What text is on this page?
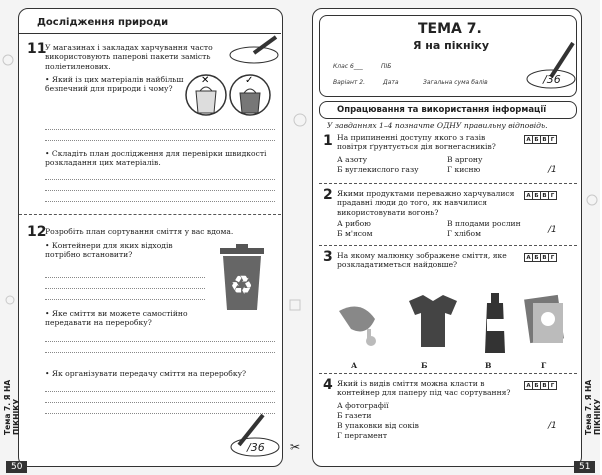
Дослідження природи
11
У магазинах і закладах харчування часто використовують паперові пакети замість поліетиленових.
• Який із цих матеріалів найбільш безпечний для природи і чому?
✕	✓
• Складіть план дослідження для перевірки швидкості розкладання цих матеріалів.
12
Розробіть план сортування сміття у вас вдома.
• Контейнери для яких відходів потрібно встановити?
♻
• Яке сміття ви можете самостійно передавати на переробку?
• Як організувати передачу сміття на переробку?
/36
Тема 7. Я НА ПІКНІКУ
50
✂
ТЕМА 7.
Я на пікніку
Клас 6___	ПІБ
Варіант 2.	Дата	Загальна сума балів	/36
Опрацювання та використання інформації
У завданнях 1–4 позначте ОДНУ правильну відповідь.
1 На припиненні доступу якого з газів повітря ґрунтується дія вогнегасників?
А Б В Г
А азоту	В аргону
Б вуглекислого газу	Г кисню	/1
2 Якими продуктами переважно харчувалися прадавні люди до того, як навчилися використовувати вогонь?
А Б В Г
А рибою	В плодами рослин
Б м'ясом	Г хлібом	/1
3 На якому малюнку зображене сміття, яке розкладатиметься найдовше?
А Б В Г
А	Б	В	Г
4 Який із видів сміття можна класти в контейнер для паперу під час сортування?
А Б В Г
А фотографії
Б газети
В упаковки від соків
Г пергамент
/1	Тема 7. Я НА ПІКНІКУ
51
